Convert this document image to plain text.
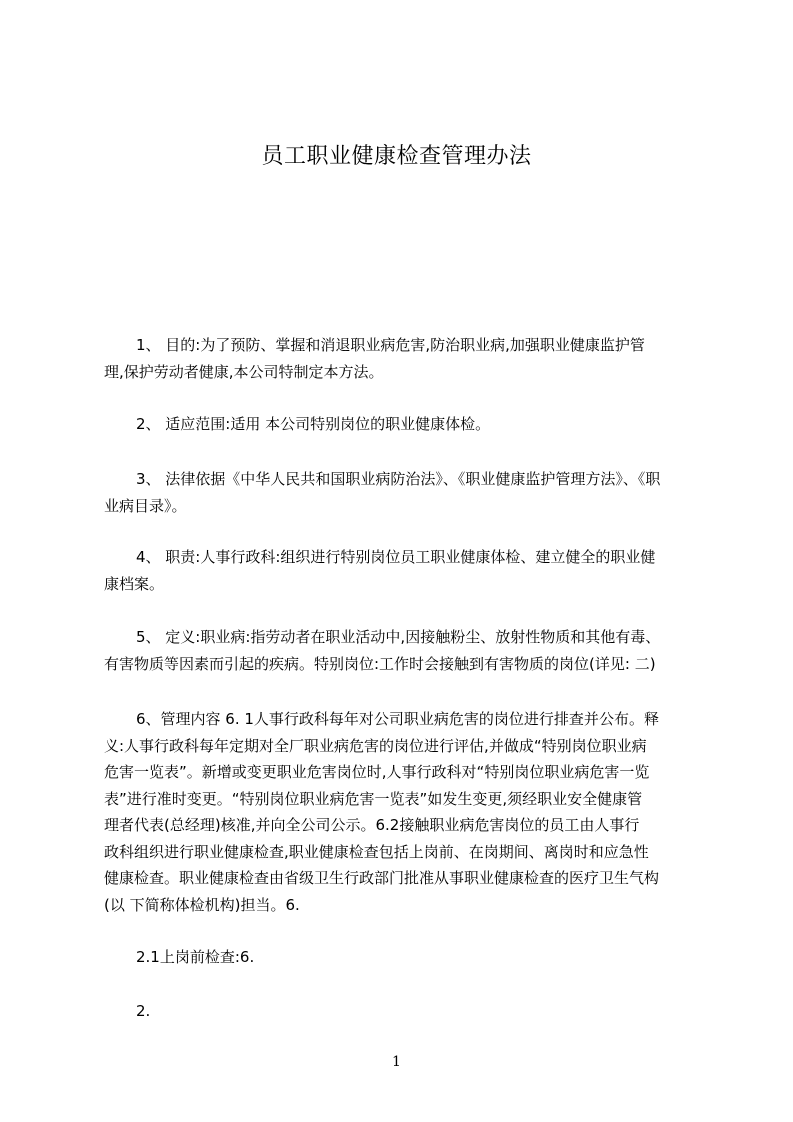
员工职业健康检查管理办法
1、 目的:为了预防、掌握和消退职业病危害,防治职业病,加强职业健康监护管
理,保护劳动者健康,本公司特制定本方法。
2、 适应范围:适用 本公司特别岗位的职业健康体检。
3、 法律依据《中华人民共和国职业病防治法》、《职业健康监护管理方法》、《职
业病目录》。
4、 职责:人事行政科:组织进行特别岗位员工职业健康体检、建立健全的职业健
康档案。
5、 定义:职业病:指劳动者在职业活动中,因接触粉尘、放射性物质和其他有毒、
有害物质等因素而引起的疾病。特别岗位:工作时会接触到有害物质的岗位(详见: 二)
6、管理内容 6. 1人事行政科每年对公司职业病危害的岗位进行排查并公布。释
义:人事行政科每年定期对全厂职业病危害的岗位进行评估,并做成“特别岗位职业病
危害一览表”。新增或变更职业危害岗位时,人事行政科对“特别岗位职业病危害一览
表”进行准时变更。“特别岗位职业病危害一览表”如发生变更,须经职业安全健康管
理者代表(总经理)核准,并向全公司公示。6.2接触职业病危害岗位的员工由人事行
政科组织进行职业健康检查,职业健康检查包括上岗前、在岗期间、离岗时和应急性
健康检查。职业健康检查由省级卫生行政部门批准从事职业健康检查的医疗卫生气构
(以 下简称体检机构)担当。6.
2.1上岗前检查:6.
2.
1
